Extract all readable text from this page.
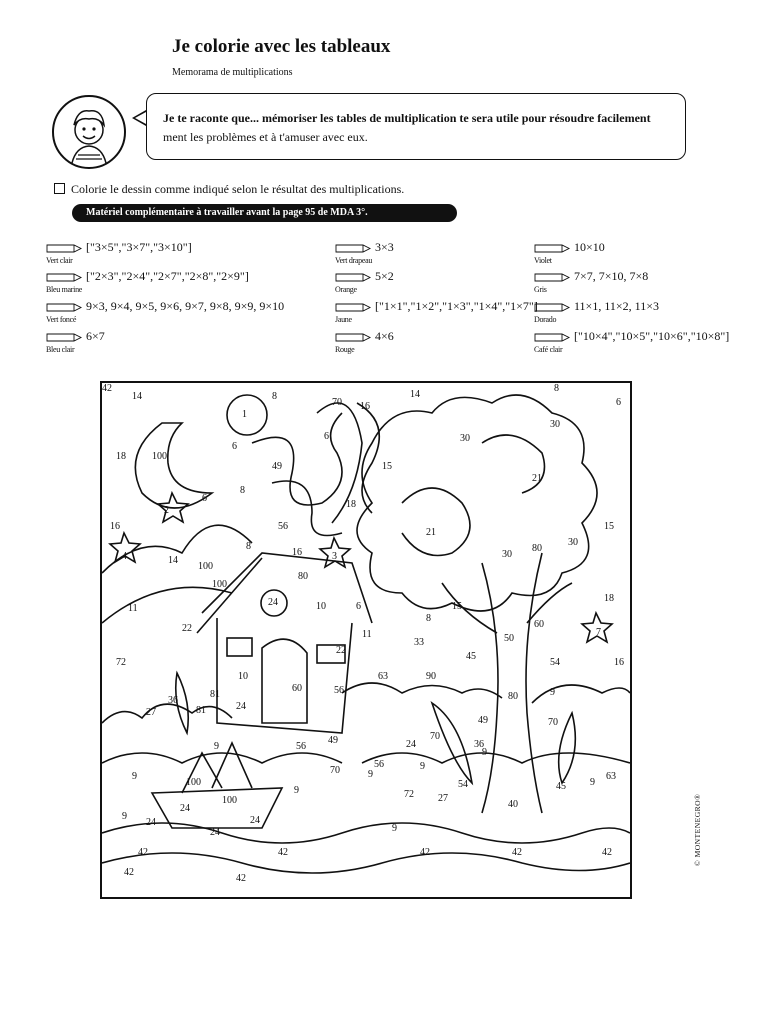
Je colorie avec les tableaux
Memorama de multiplications
Je te raconte que... mémoriser les tables de multiplication te sera utile pour résoudre facilement
ment les problèmes et à t'amuser avec eux.
Colorie le dessin comme indiqué selon le résultat des multiplications.
Matériel complémentaire à travailler avant la page 95 de MDA 3°.
["3×5","3×7","3×10"]
Vert clair
["2×3","2×4","2×7","2×8","2×9"]
Bleu marine
9×3, 9×4, 9×5, 9×6, 9×7, 9×8, 9×9, 9×10
Vert foncé
6×7
Bleu clair
3×3
Vert drapeau
5×2
Orange
["1×1","1×2","1×3","1×4","1×7"]
Jaune
4×6
Rouge
10×10
Violet
7×7, 7×10, 7×8
Gris
11×1, 11×2, 11×3
Dorado
["10×4","10×5","10×6","10×8"]
Café clair
14	8
1
70 16
14
8
6
18	100
6
49
6	30
30
15
21
8
6
2
18
16	56
21
15
8
16
4	14	3	30
80
100
30
100
80
24	10	6	15
18
11
22
8
60
7
11
33
16
22
45
72	54
81
10
60
63	90
50
27
36
81	24
9
80
70
24
49
56
9
70
9
56
70
9
36
9
49
56	9
100
9
63
9
72 27
54	45
100
24
24
40
9
24
24	9
42	42	42	42	42
42
42
42
© MONTENEGRO®
